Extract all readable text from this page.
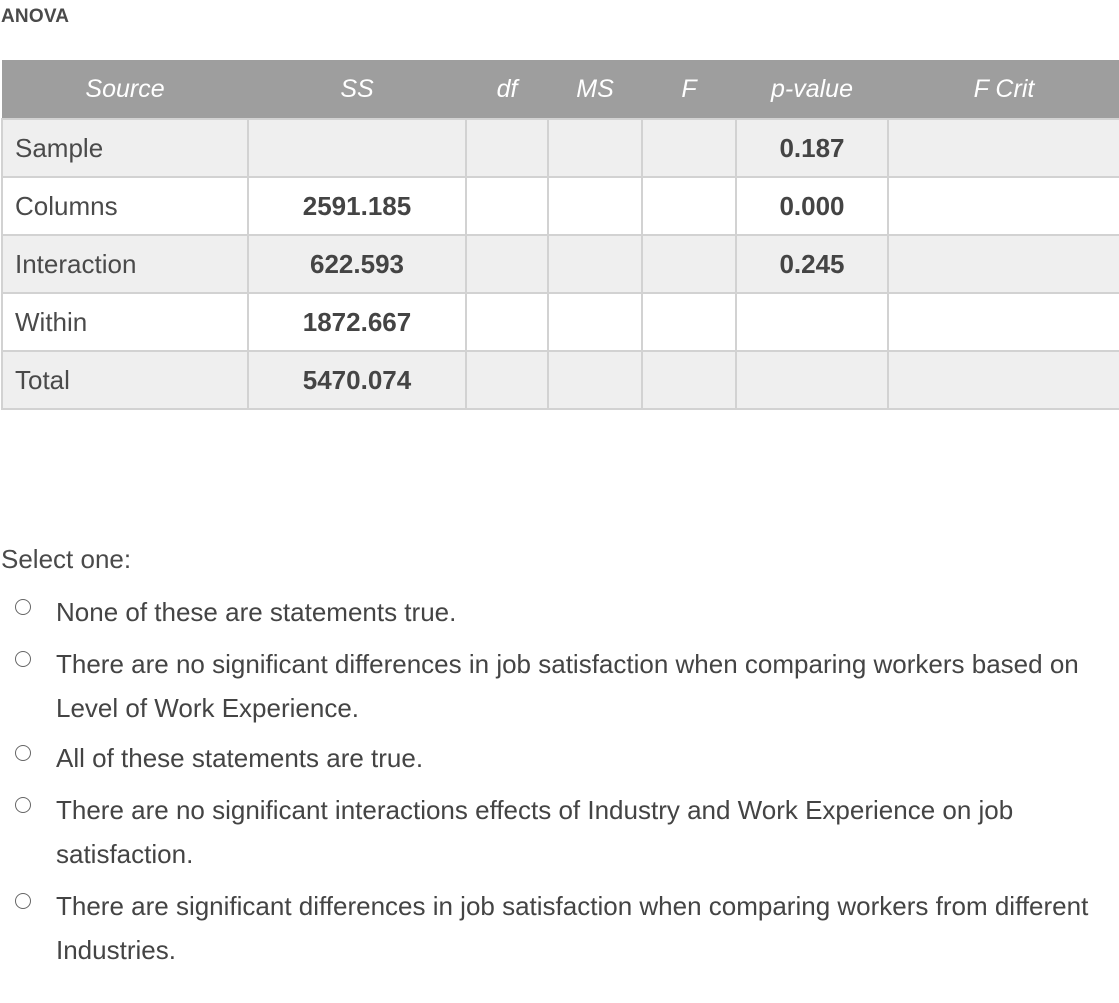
ANOVA
Source	SS	df	MS	F	p-value	F Crit
Sample					0.187	
Columns	2591.185				0.000	
Interaction	622.593				0.245	
Within	1872.667					
Total	5470.074					
Select one:
None of these are statements true.
There are no significant differences in job satisfaction when comparing workers based on Level of Work Experience.
All of these statements are true.
There are no significant interactions effects of Industry and Work Experience on job satisfaction.
There are significant differences in job satisfaction when comparing workers from different Industries.
